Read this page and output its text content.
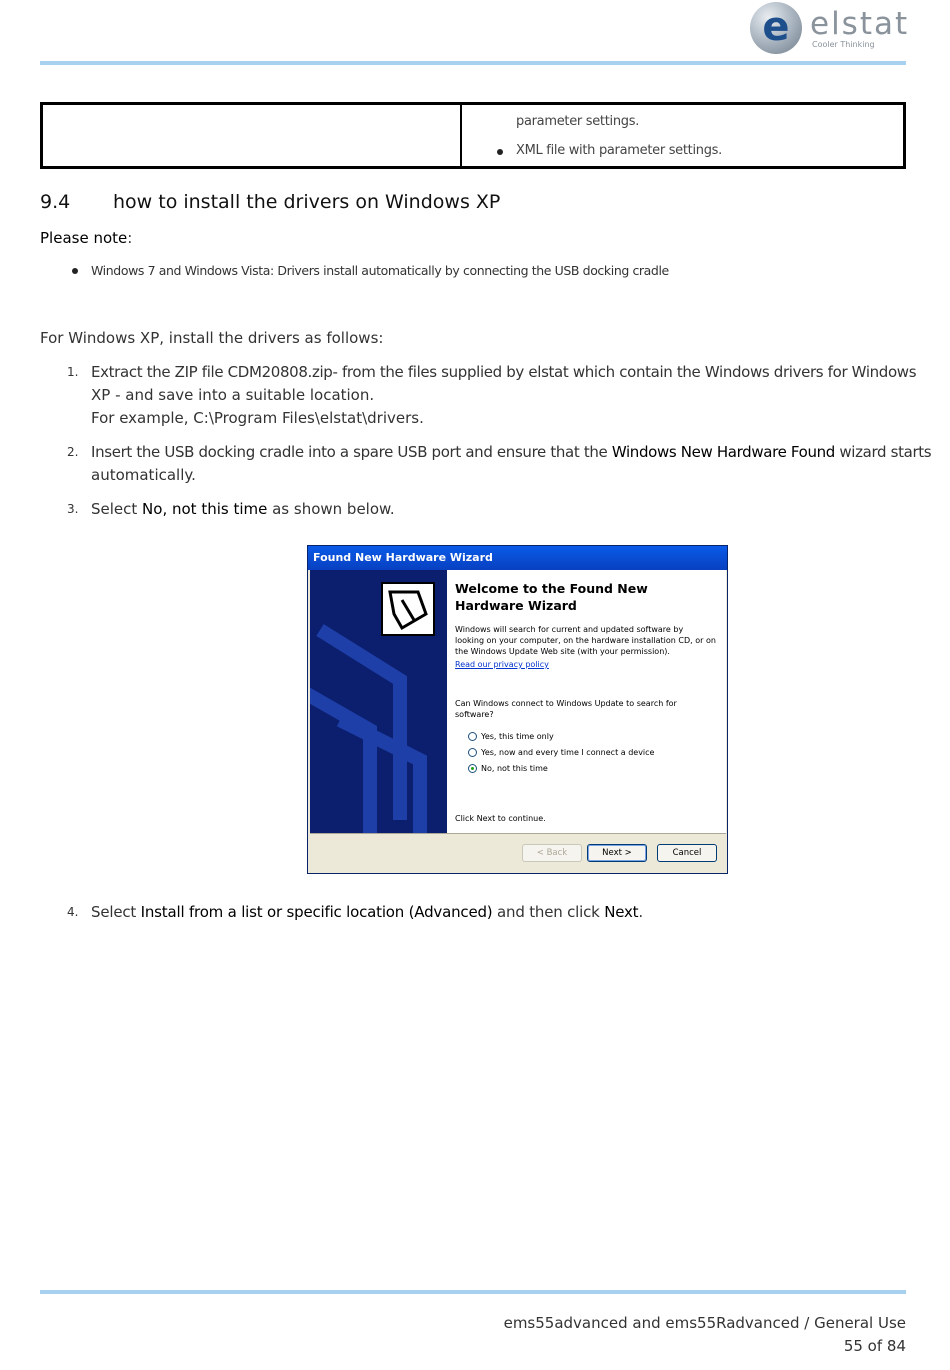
e elstat
Cooler Thinking
parameter settings.
XML file with parameter settings.
9.4 how to install the drivers on Windows XP
Please note:
Windows 7 and Windows Vista: Drivers install automatically by connecting the USB docking cradle
For Windows XP, install the drivers as follows:
1. Extract the ZIP file CDM20808.zip- from the files supplied by elstat which contain the Windows drivers for Windows
XP - and save into a suitable location.
For example, C:\Program Files\elstat\drivers.
2. Insert the USB docking cradle into a spare USB port and ensure that the Windows New Hardware Found wizard starts
automatically.
3. Select No, not this time as shown below.
Found New Hardware Wizard
Welcome to the Found New
Hardware Wizard
Windows will search for current and updated software by
looking on your computer, on the hardware installation CD, or on
the Windows Update Web site (with your permission).
Read our privacy policy
Can Windows connect to Windows Update to search for
software?
Yes, this time only
Yes, now and every time I connect a device
No, not this time
Click Next to continue.
< Back	Next >	Cancel
4. Select Install from a list or specific location (Advanced) and then click Next.
ems55advanced and ems55Radvanced / General Use
55 of 84
